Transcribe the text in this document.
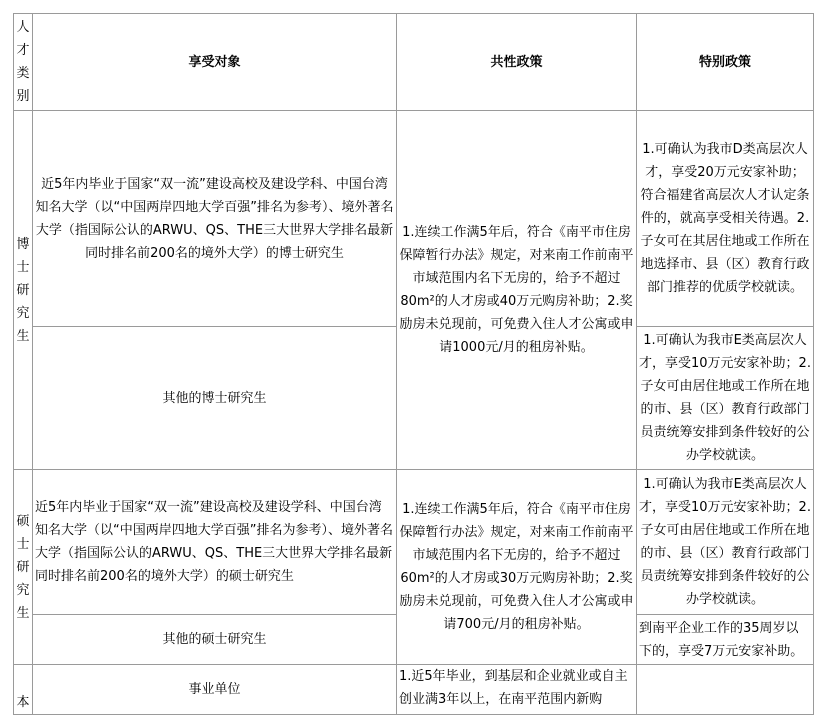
人
才
类
别	享受对象	共性政策	特别政策

博
士
研
究
生	近5年内毕业于国家“双一流”建设高校及建设学科、中国台湾知名大学（以“中国两岸四地大学百强”排名为参考）、境外著名大学（指国际公认的ARWU、QS、THE三大世界大学排名最新同时排名前200名的境外大学）的博士研究生	1.连续工作满5年后，符合《南平市住房保障暂行办法》规定，对来南工作前南平市域范围内名下无房的，给予不超过80m²的人才房或40万元购房补助；2.奖励房未兑现前，可免费入住人才公寓或申请1000元/月的租房补贴。	1.可确认为我市D类高层次人才，享受20万元安家补助；符合福建省高层次人才认定条件的，就高享受相关待遇。2.子女可在其居住地或工作所在地选择市、县（区）教育行政部门推荐的优质学校就读。
	其他的博士研究生		1.可确认为我市E类高层次人才，享受10万元安家补助；2.子女可由居住地或工作所在地的市、县（区）教育行政部门员责统筹安排到条件较好的公办学校就读。

硕
士
研
究
生	近5年内毕业于国家“双一流”建设高校及建设学科、中国台湾知名大学（以“中国两岸四地大学百强”排名为参考）、境外著名大学（指国际公认的ARWU、QS、THE三大世界大学排名最新同时排名前200名的境外大学）的硕士研究生	1.连续工作满5年后，符合《南平市住房保障暂行办法》规定，对来南工作前南平市域范围内名下无房的，给予不超过60m²的人才房或30万元购房补助；2.奖励房未兑现前，可免费入住人才公寓或申请700元/月的租房补贴。	1.可确认为我市E类高层次人才，享受10万元安家补助；2.子女可由居住地或工作所在地的市、县（区）教育行政部门员责统筹安排到条件较好的公办学校就读。
	其他的硕士研究生		到南平企业工作的35周岁以下的，享受7万元安家补助。
本	事业单位	1.近5年毕业，到基层和企业就业或自主创业满3年以上，在南平范围内新购	
